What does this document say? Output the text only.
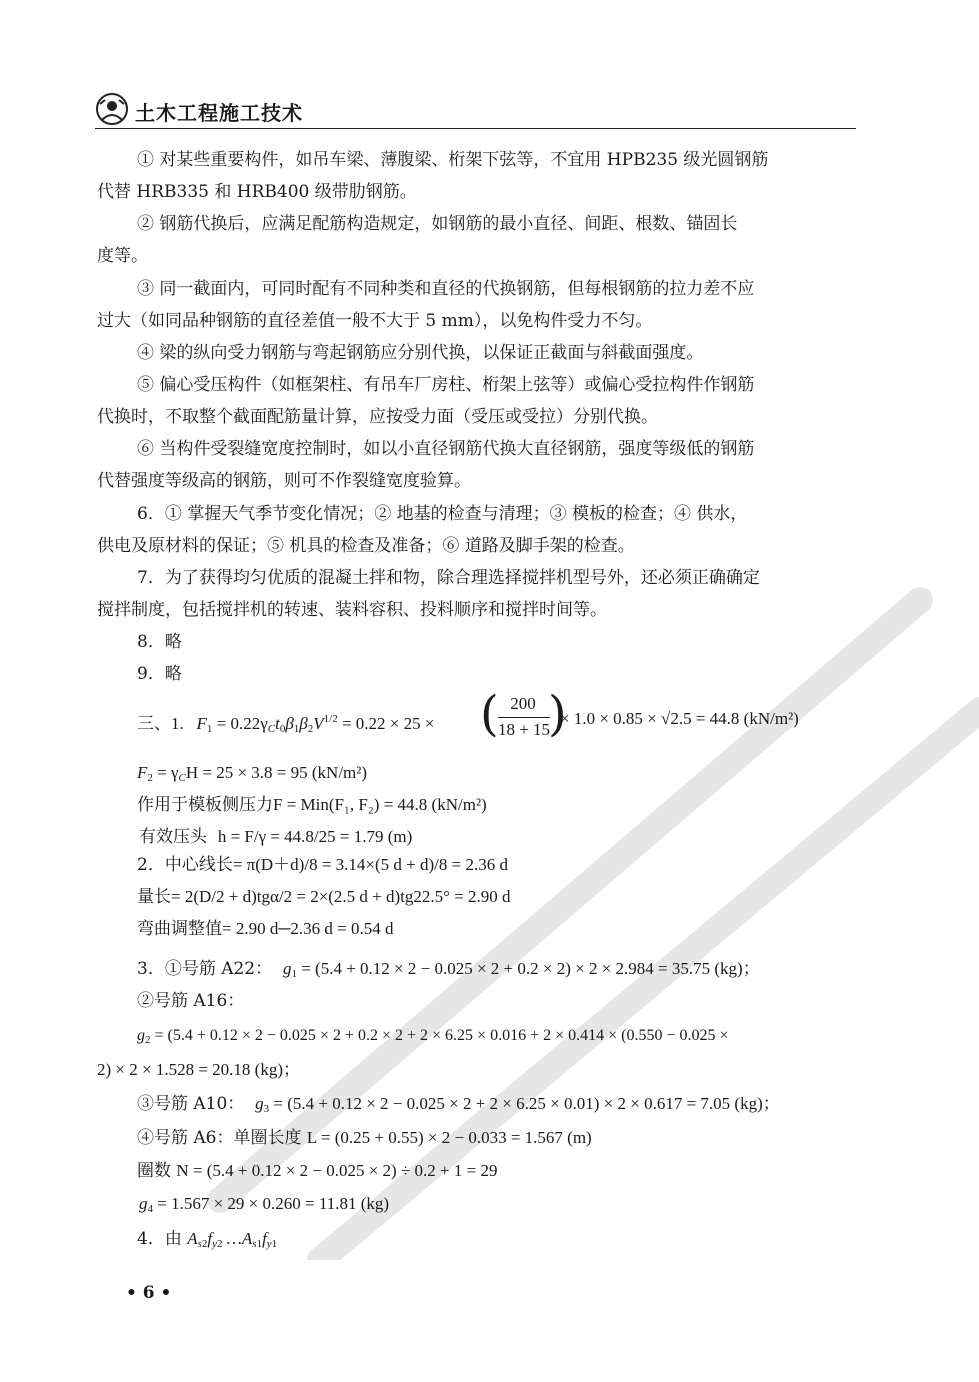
土木工程施工技术
① 对某些重要构件，如吊车梁、薄腹梁、桁架下弦等，不宜用 HPB235 级光圆钢筋
代替 HRB335 和 HRB400 级带肋钢筋。
② 钢筋代换后，应满足配筋构造规定，如钢筋的最小直径、间距、根数、锚固长
度等。
③ 同一截面内，可同时配有不同种类和直径的代换钢筋，但每根钢筋的拉力差不应
过大（如同品种钢筋的直径差值一般不大于 5 mm），以免构件受力不匀。
④ 梁的纵向受力钢筋与弯起钢筋应分别代换，以保证正截面与斜截面强度。
⑤ 偏心受压构件（如框架柱、有吊车厂房柱、桁架上弦等）或偏心受拉构件作钢筋
代换时，不取整个截面配筋量计算，应按受力面（受压或受拉）分别代换。
⑥ 当构件受裂缝宽度控制时，如以小直径钢筋代换大直径钢筋，强度等级低的钢筋
代替强度等级高的钢筋，则可不作裂缝宽度验算。
6．① 掌握天气季节变化情况；② 地基的检查与清理；③ 模板的检查；④ 供水，
供电及原材料的保证；⑤ 机具的检查及准备；⑥ 道路及脚手架的检查。
7．为了获得均匀优质的混凝土拌和物，除合理选择搅拌机型号外，还必须正确确定
搅拌制度，包括搅拌机的转速、装料容积、投料顺序和搅拌时间等。
8．略
9．略
三、1. $F_1 = 0.22\gamma_Ct_0\beta_1\beta_2V^{1/2} = 0.22 \times 25$ × ( 200
18 + 15
)
× 1.0 × 0.85 × √2.5 = 44.8 (kN/m²)
$F_2 = \gamma_CH = 25 \times 3.8 = 95$ (kN/m²)
作用于模板侧压力F = Min(F₁, F₂) = 44.8 (kN/m²)
有效压头 h = F/γ = 44.8/25 = 1.79 (m)
2．中心线长= π(D＋d)/8 = 3.14×(5 d + d)/8 = 2.36 d
量长= 2(D/2 + d)tgα/2 = 2×(2.5 d + d)tg22.5° = 2.90 d
弯曲调整值= 2.90 d─2.36 d = 0.54 d
3．①号筋 A22： $g_1 = (5.4 + 0.12 \times 2 - 0.025 \times 2 + 0.2 \times 2) \times 2 \times 2.984 = 35.75$ (kg)；
②号筋 A16：
$g_2 = (5.4 + 0.12 \times 2 - 0.025 \times 2 + 0.2 \times 2 + 2 \times 6.25 \times 0.016 + 2 \times 0.414 \times (0.550 - 0.025$ ×
2) × 2 × 1.528 = 20.18 (kg)；
③号筋 A10： $g_3 = (5.4 + 0.12 \times 2 - 0.025 \times 2 + 2 \times 6.25 \times 0.01) \times 2 \times 0.617 = 7.05$ (kg)；
④号筋 A6：单圈长度 L = (0.25 + 0.55) × 2 − 0.033 = 1.567 (m)
圈数 N = (5.4 + 0.12 × 2 − 0.025 × 2) ÷ 0.2 + 1 = 29
$g_4 = 1.567 \times 29 \times 0.260 = 11.81$ (kg)
4．由 $A_{s2}f_{y2}$ $\dots A_{s1}f_{y1}$
• 6 •
